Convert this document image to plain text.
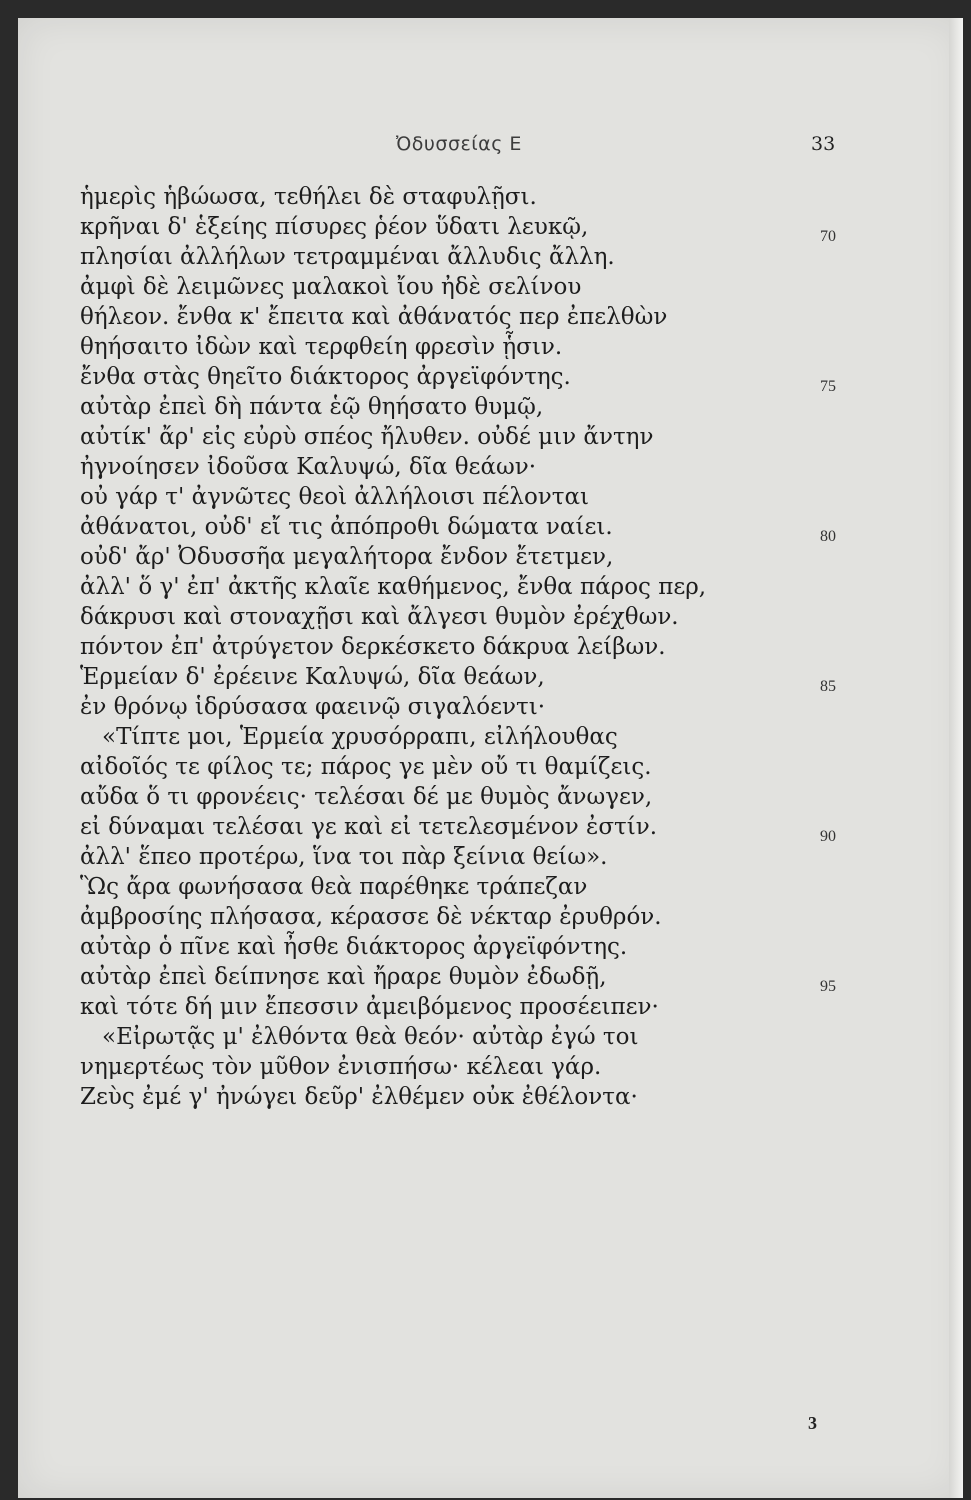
Ὀδυσσείας Ε	33
ἡμερὶς ἡβώωσα, τεθήλει δὲ σταφυλῇσι.
κρῆναι δ' ἑξείης πίσυρες ῥέον ὕδατι λευκῷ,	70
πλησίαι ἀλλήλων τετραμμέναι ἄλλυδις ἄλλη.
ἀμφὶ δὲ λειμῶνες μαλακοὶ ἴου ἠδὲ σελίνου
θήλεον. ἔνθα κ' ἔπειτα καὶ ἀθάνατός περ ἐπελθὼν
θηήσαιτο ἰδὼν καὶ τερφθείη φρεσὶν ᾗσιν.
ἔνθα στὰς θηεῖτο διάκτορος ἀργεϊφόντης.	75
αὐτὰρ ἐπεὶ δὴ πάντα ἑῷ θηήσατο θυμῷ,
αὐτίκ' ἄρ' εἰς εὐρὺ σπέος ἤλυθεν. οὐδέ μιν ἄντην
ἠγνοίησεν ἰδοῦσα Καλυψώ, δῖα θεάων·
οὐ γάρ τ' ἀγνῶτες θεοὶ ἀλλήλοισι πέλονται
ἀθάνατοι, οὐδ' εἴ τις ἀπόπροθι δώματα ναίει.	80
οὐδ' ἄρ' Ὀδυσσῆα μεγαλήτορα ἔνδον ἔτετμεν,
ἀλλ' ὅ γ' ἐπ' ἀκτῆς κλαῖε καθήμενος, ἔνθα πάρος περ,
δάκρυσι καὶ στοναχῇσι καὶ ἄλγεσι θυμὸν ἐρέχθων.
πόντον ἐπ' ἀτρύγετον δερκέσκετο δάκρυα λείβων.
Ἑρμείαν δ' ἐρέεινε Καλυψώ, δῖα θεάων,	85
ἐν θρόνῳ ἱδρύσασα φαεινῷ σιγαλόεντι·
«Τίπτε μοι, Ἑρμεία χρυσόρραπι, εἰλήλουθας
αἰδοῖός τε φίλος τε; πάρος γε μὲν οὔ τι θαμίζεις.
αὔδα ὅ τι φρονέεις· τελέσαι δέ με θυμὸς ἄνωγεν,
εἰ δύναμαι τελέσαι γε καὶ εἰ τετελεσμένον ἐστίν.	90
ἀλλ' ἕπεο προτέρω, ἵνα τοι πὰρ ξείνια θείω».
Ὣς ἄρα φωνήσασα θεὰ παρέθηκε τράπεζαν
ἀμβροσίης πλήσασα, κέρασσε δὲ νέκταρ ἐρυθρόν.
αὐτὰρ ὁ πῖνε καὶ ἦσθε διάκτορος ἀργεϊφόντης.
αὐτὰρ ἐπεὶ δείπνησε καὶ ἤραρε θυμὸν ἐδωδῇ,	95
καὶ τότε δή μιν ἔπεσσιν ἀμειβόμενος προσέειπεν·
«Εἰρωτᾷς μ' ἐλθόντα θεὰ θεόν· αὐτὰρ ἐγώ τοι
νημερτέως τὸν μῦθον ἐνισπήσω· κέλεαι γάρ.
Ζεὺς ἐμέ γ' ἠνώγει δεῦρ' ἐλθέμεν οὐκ ἐθέλοντα·
3
